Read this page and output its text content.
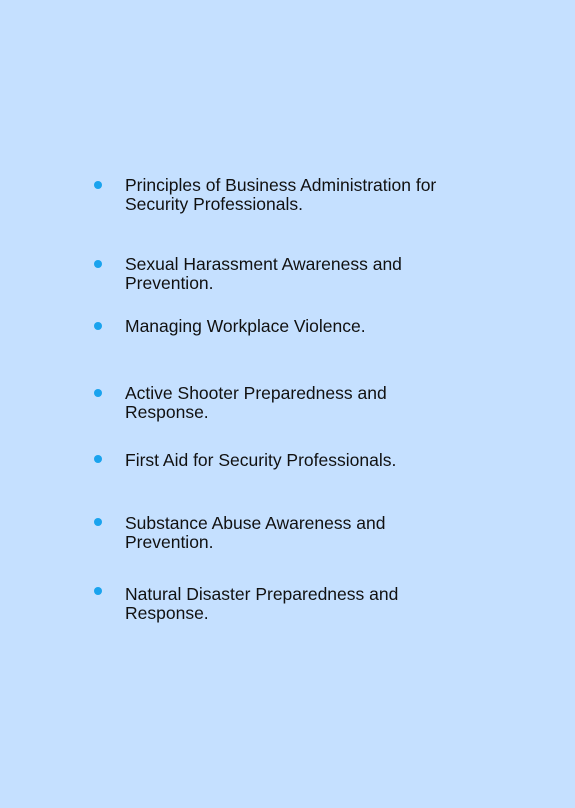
Principles of Business Administration for Security Professionals.
Sexual Harassment Awareness and Prevention.
Managing Workplace Violence.
Active Shooter Preparedness and Response.
First Aid for Security Professionals.
Substance Abuse Awareness and Prevention.
Natural Disaster Preparedness and Response.
